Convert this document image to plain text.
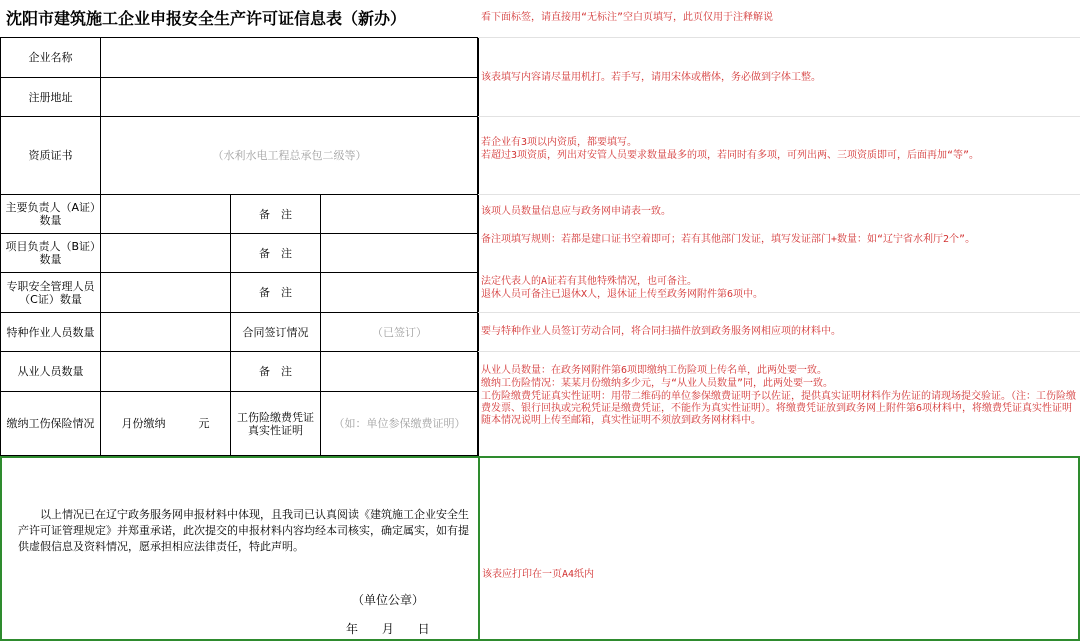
沈阳市建筑施工企业申报安全生产许可证信息表（新办）
企业名称			
注册地址			
资质证书	（水利水电工程总承包二级等）		
主要负责人（A证）数量		备　注	
项目负责人（B证）数量		备　注	
专职安全管理人员（C证）数量		备　注	
特种作业人员数量		合同签订情况	（已签订）
从业人员数量		备　注	
缴纳工伤保险情况	月份缴纳 元	工伤险缴费凭证真实性证明	（如：单位参保缴费证明）
以上情况已在辽宁政务服务网申报材料中体现，且我司已认真阅读《建筑施工企业安全生产许可证管理规定》并郑重承诺，此次提交的申报材料内容均经本司核实，确定属实，如有提供虚假信息及资料情况，愿承担相应法律责任，特此声明。
（单位公章）
年 月 日
看下面标签，请直接用“无标注”空白页填写，此页仅用于注释解说
该表填写内容请尽量用机打。若手写，请用宋体或楷体，务必做到字体工整。
若企业有3项以内资质，都要填写。
若超过3项资质，列出对安管人员要求数量最多的项，若同时有多项，可列出两、三项资质即可，后面再加“等”。
该项人员数量信息应与政务网申请表一致。
备注项填写规则：若都是建口证书空着即可；若有其他部门发证，填写发证部门+数量：如“辽宁省水利厅2个”。
法定代表人的A证若有其他特殊情况，也可备注。
退休人员可备注已退休X人，退休证上传至政务网附件第6项中。
要与特种作业人员签订劳动合同，将合同扫描件放到政务服务网相应项的材料中。
从业人员数量：在政务网附件第6项即缴纳工伤险项上传名单，此两处要一致。
缴纳工伤险情况：某某月份缴纳多少元，与“从业人员数量”同，此两处要一致。
工伤险缴费凭证真实性证明：用带二维码的单位参保缴费证明予以佐证，提供真实证明材料作为佐证的请现场提交验证。（注：工伤险缴费发票、银行回执或完税凭证是缴费凭证，不能作为真实性证明）。将缴费凭证放到政务网上附件第6项材料中，将缴费凭证真实性证明随本情况说明上传至邮箱，真实性证明不须放到政务网材料中。
该表应打印在一页A4纸内
